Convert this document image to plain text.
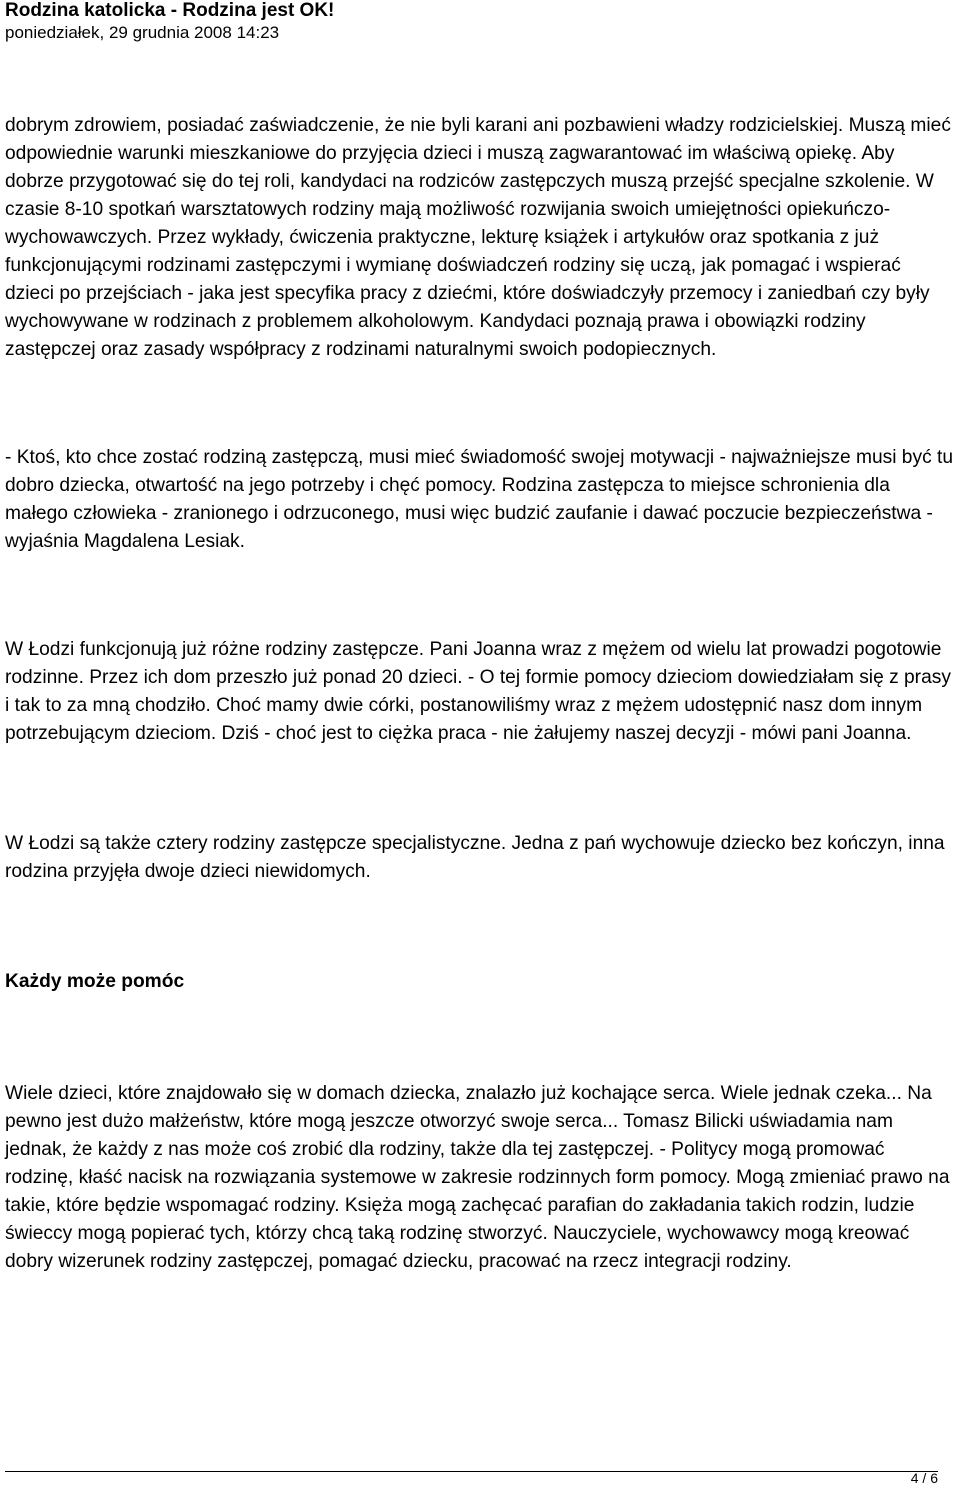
Rodzina katolicka - Rodzina jest OK!

poniedziałek, 29 grudnia 2008 14:23

dobrym zdrowiem, posiadać zaświadczenie, że nie byli karani ani pozbawieni władzy rodzicielskiej. Muszą mieć odpowiednie warunki mieszkaniowe do przyjęcia dzieci i muszą zagwarantować im właściwą opiekę. Aby dobrze przygotować się do tej roli, kandydaci na rodziców zastępczych muszą przejść specjalne szkolenie. W czasie 8-10 spotkań warsztatowych rodziny mają możliwość rozwijania swoich umiejętności opiekuńczo-wychowawczych. Przez wykłady, ćwiczenia praktyczne, lekturę książek i artykułów oraz spotkania z już funkcjonującymi rodzinami zastępczymi i wymianę doświadczeń rodziny się uczą, jak pomagać i wspierać dzieci po przejściach - jaka jest specyfika pracy z dziećmi, które doświadczyły przemocy i zaniedbań czy były wychowywane w rodzinach z problemem alkoholowym. Kandydaci poznają prawa i obowiązki rodziny zastępczej oraz zasady współpracy z rodzinami naturalnymi swoich podopiecznych.

- Ktoś, kto chce zostać rodziną zastępczą, musi mieć świadomość swojej motywacji - najważniejsze musi być tu dobro dziecka, otwartość na jego potrzeby i chęć pomocy. Rodzina zastępcza to miejsce schronienia dla małego człowieka - zranionego i odrzuconego, musi więc budzić zaufanie i dawać poczucie bezpieczeństwa - wyjaśnia Magdalena Lesiak.

W Łodzi funkcjonują już różne rodziny zastępcze. Pani Joanna wraz z mężem od wielu lat prowadzi pogotowie rodzinne. Przez ich dom przeszło już ponad 20 dzieci. - O tej formie pomocy dzieciom dowiedziałam się z prasy i tak to za mną chodziło. Choć mamy dwie córki, postanowiliśmy wraz z mężem udostępnić nasz dom innym potrzebującym dzieciom. Dziś - choć jest to ciężka praca - nie żałujemy naszej decyzji - mówi pani Joanna.

W Łodzi są także cztery rodziny zastępcze specjalistyczne. Jedna z pań wychowuje dziecko bez kończyn, inna rodzina przyjęła dwoje dzieci niewidomych.

Każdy może pomóc

Wiele dzieci, które znajdowało się w domach dziecka, znalazło już kochające serca. Wiele jednak czeka... Na pewno jest dużo małżeństw, które mogą jeszcze otworzyć swoje serca... Tomasz Bilicki uświadamia nam jednak, że każdy z nas może coś zrobić dla rodziny, także dla tej zastępczej. - Politycy mogą promować rodzinę, kłaść nacisk na rozwiązania systemowe w zakresie rodzinnych form pomocy. Mogą zmieniać prawo na takie, które będzie wspomagać rodziny. Księża mogą zachęcać parafian do zakładania takich rodzin, ludzie świeccy mogą popierać tych, którzy chcą taką rodzinę stworzyć. Nauczyciele, wychowawcy mogą kreować dobry wizerunek rodziny zastępczej, pomagać dziecku, pracować na rzecz integracji rodziny.

4 / 6
